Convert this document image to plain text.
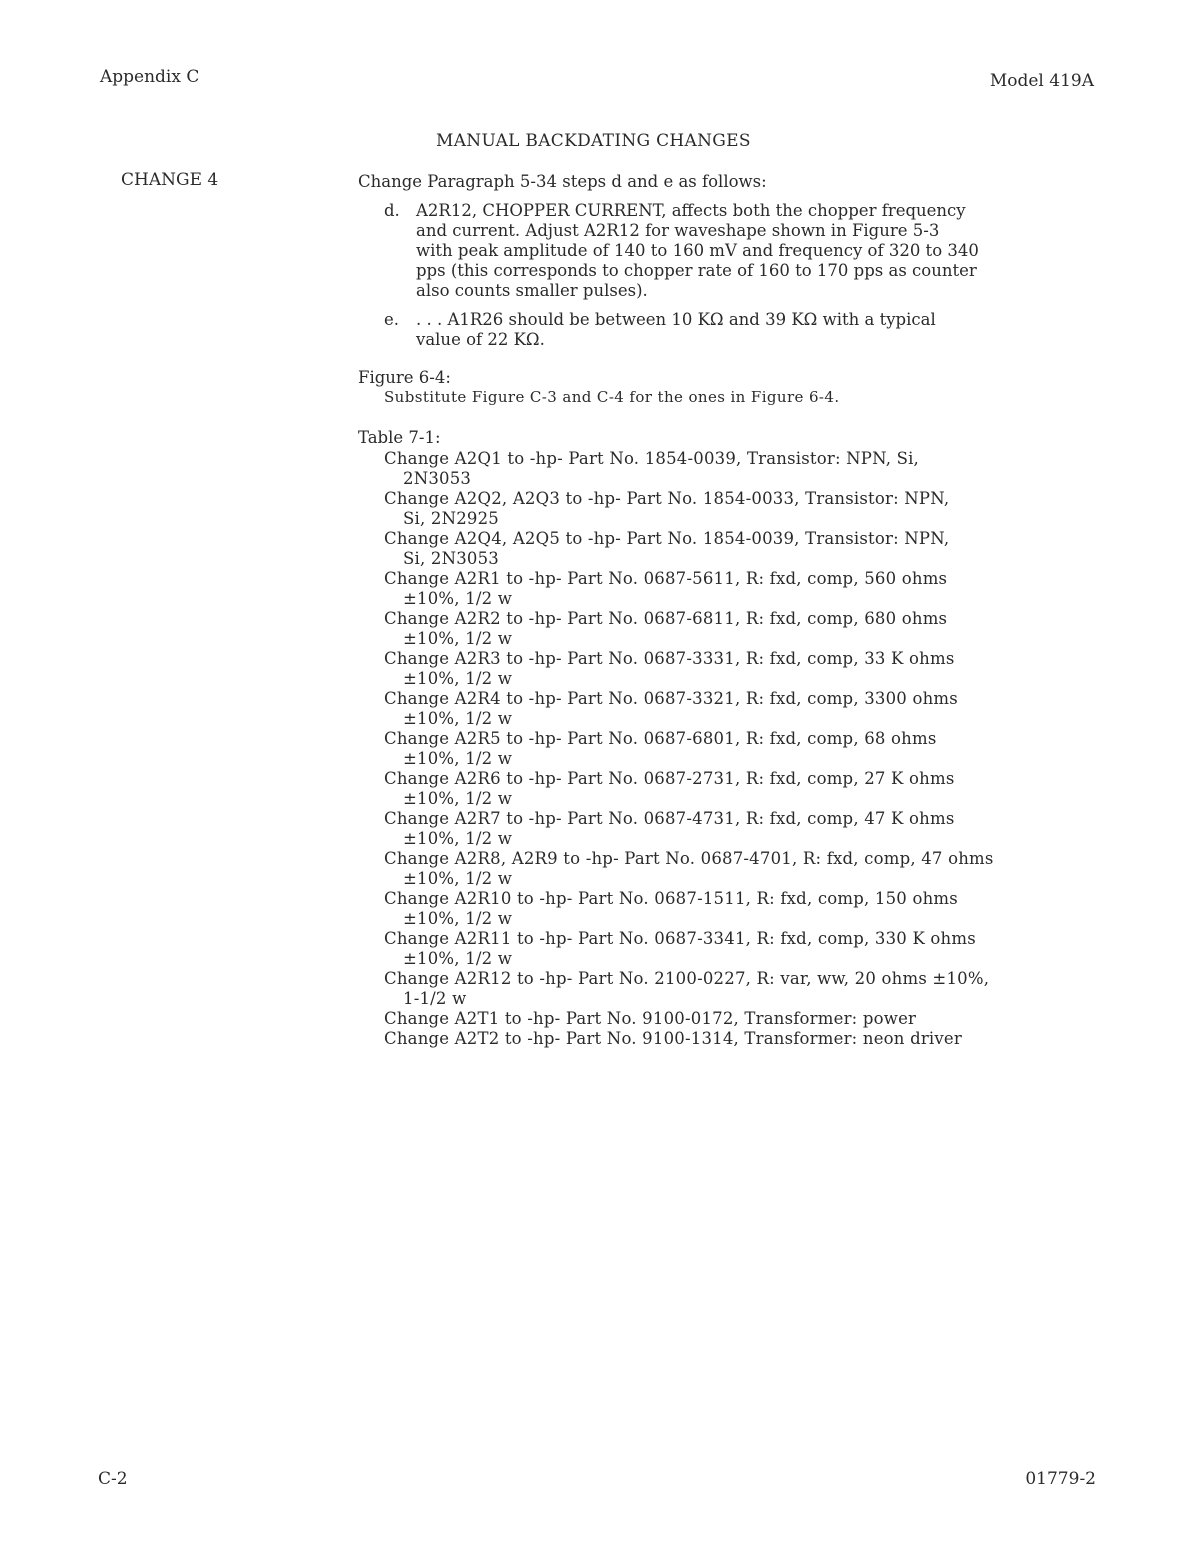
Appendix C	Model 419A
MANUAL BACKDATING CHANGES
CHANGE 4	Change Paragraph 5-34 steps d and e as follows:
d. A2R12, CHOPPER CURRENT, affects both the chopper frequency
and current. Adjust A2R12 for waveshape shown in Figure 5-3
with peak amplitude of 140 to 160 mV and frequency of 320 to 340
pps (this corresponds to chopper rate of 160 to 170 pps as counter
also counts smaller pulses).
e. . . . A1R26 should be between 10 KΩ and 39 KΩ with a typical
value of 22 KΩ.
Figure 6-4:
Substitute Figure C-3 and C-4 for the ones in Figure 6-4.
Table 7-1:
Change A2Q1 to -hp- Part No. 1854-0039, Transistor: NPN, Si,
2N3053
Change A2Q2, A2Q3 to -hp- Part No. 1854-0033, Transistor: NPN,
Si, 2N2925
Change A2Q4, A2Q5 to -hp- Part No. 1854-0039, Transistor: NPN,
Si, 2N3053
Change A2R1 to -hp- Part No. 0687-5611, R: fxd, comp, 560 ohms
±10%, 1/2 w
Change A2R2 to -hp- Part No. 0687-6811, R: fxd, comp, 680 ohms
±10%, 1/2 w
Change A2R3 to -hp- Part No. 0687-3331, R: fxd, comp, 33 K ohms
±10%, 1/2 w
Change A2R4 to -hp- Part No. 0687-3321, R: fxd, comp, 3300 ohms
±10%, 1/2 w
Change A2R5 to -hp- Part No. 0687-6801, R: fxd, comp, 68 ohms
±10%, 1/2 w
Change A2R6 to -hp- Part No. 0687-2731, R: fxd, comp, 27 K ohms
±10%, 1/2 w
Change A2R7 to -hp- Part No. 0687-4731, R: fxd, comp, 47 K ohms
±10%, 1/2 w
Change A2R8, A2R9 to -hp- Part No. 0687-4701, R: fxd, comp, 47 ohms
±10%, 1/2 w
Change A2R10 to -hp- Part No. 0687-1511, R: fxd, comp, 150 ohms
±10%, 1/2 w
Change A2R11 to -hp- Part No. 0687-3341, R: fxd, comp, 330 K ohms
±10%, 1/2 w
Change A2R12 to -hp- Part No. 2100-0227, R: var, ww, 20 ohms ±10%,
1-1/2 w
Change A2T1 to -hp- Part No. 9100-0172, Transformer: power
Change A2T2 to -hp- Part No. 9100-1314, Transformer: neon driver
C-2	01779-2
